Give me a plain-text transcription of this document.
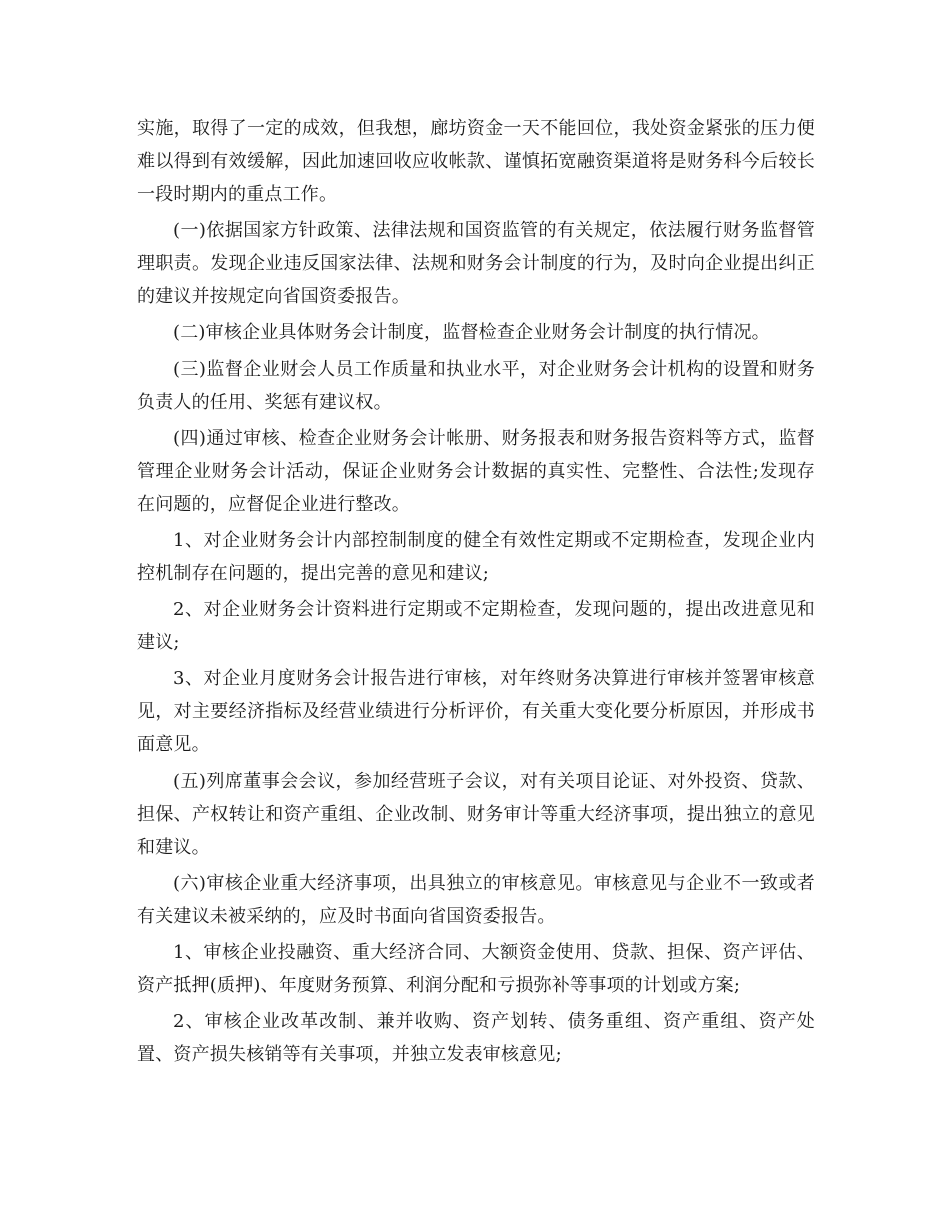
实施，取得了一定的成效，但我想，廊坊资金一天不能回位，我处资金紧张的压力便难以得到有效缓解，因此加速回收应收帐款、谨慎拓宽融资渠道将是财务科今后较长一段时期内的重点工作。

(一)依据国家方针政策、法律法规和国资监管的有关规定，依法履行财务监督管理职责。发现企业违反国家法律、法规和财务会计制度的行为，及时向企业提出纠正的建议并按规定向省国资委报告。

(二)审核企业具体财务会计制度，监督检查企业财务会计制度的执行情况。

(三)监督企业财会人员工作质量和执业水平，对企业财务会计机构的设置和财务负责人的任用、奖惩有建议权。

(四)通过审核、检查企业财务会计帐册、财务报表和财务报告资料等方式，监督管理企业财务会计活动，保证企业财务会计数据的真实性、完整性、合法性;发现存在问题的，应督促企业进行整改。

1、对企业财务会计内部控制制度的健全有效性定期或不定期检查，发现企业内控机制存在问题的，提出完善的意见和建议;

2、对企业财务会计资料进行定期或不定期检查，发现问题的，提出改进意见和建议;

3、对企业月度财务会计报告进行审核，对年终财务决算进行审核并签署审核意见，对主要经济指标及经营业绩进行分析评价，有关重大变化要分析原因，并形成书面意见。

(五)列席董事会会议，参加经营班子会议，对有关项目论证、对外投资、贷款、担保、产权转让和资产重组、企业改制、财务审计等重大经济事项，提出独立的意见和建议。

(六)审核企业重大经济事项，出具独立的审核意见。审核意见与企业不一致或者有关建议未被采纳的，应及时书面向省国资委报告。

1、审核企业投融资、重大经济合同、大额资金使用、贷款、担保、资产评估、资产抵押(质押)、年度财务预算、利润分配和亏损弥补等事项的计划或方案;

2、审核企业改革改制、兼并收购、资产划转、债务重组、资产重组、资产处置、资产损失核销等有关事项，并独立发表审核意见;
